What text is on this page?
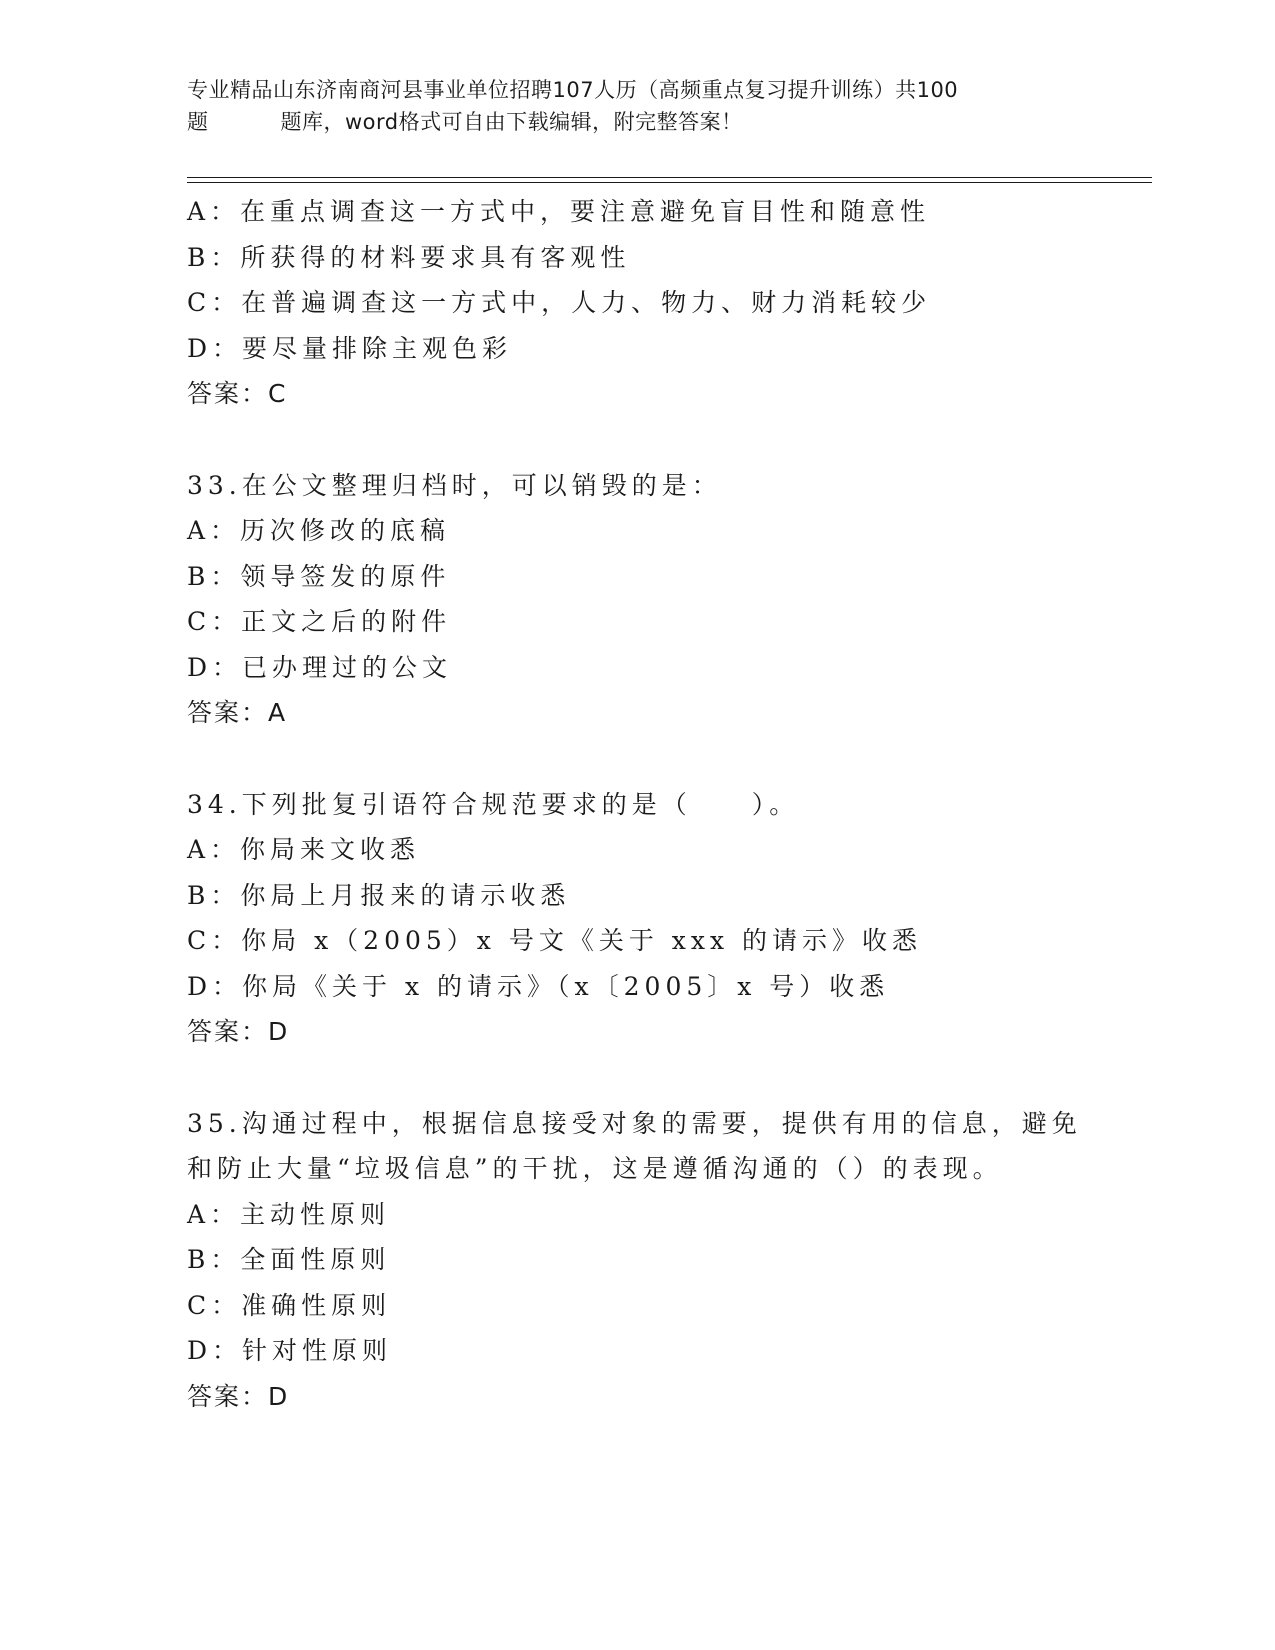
专业精品山东济南商河县事业单位招聘107人历（高频重点复习提升训练）共100
题	题库，word格式可自由下载编辑，附完整答案！
A：在重点调查这一方式中，要注意避免盲目性和随意性
B：所获得的材料要求具有客观性
C：在普遍调查这一方式中，人力、物力、财力消耗较少
D：要尽量排除主观色彩
答案：C
33.在公文整理归档时，可以销毁的是：
A：历次修改的底稿
B：领导签发的原件
C：正文之后的附件
D：已办理过的公文
答案：A
34.下列批复引语符合规范要求的是（　　）。
A：你局来文收悉
B：你局上月报来的请示收悉
C：你局 x（2005）x 号文《关于 xxx 的请示》收悉
D：你局《关于 x 的请示》（x〔2005〕x 号）收悉
答案：D
35.沟通过程中，根据信息接受对象的需要，提供有用的信息，避免和防止大量“垃圾信息”的干扰，这是遵循沟通的（）的表现。
A：主动性原则
B：全面性原则
C：准确性原则
D：针对性原则
答案：D
